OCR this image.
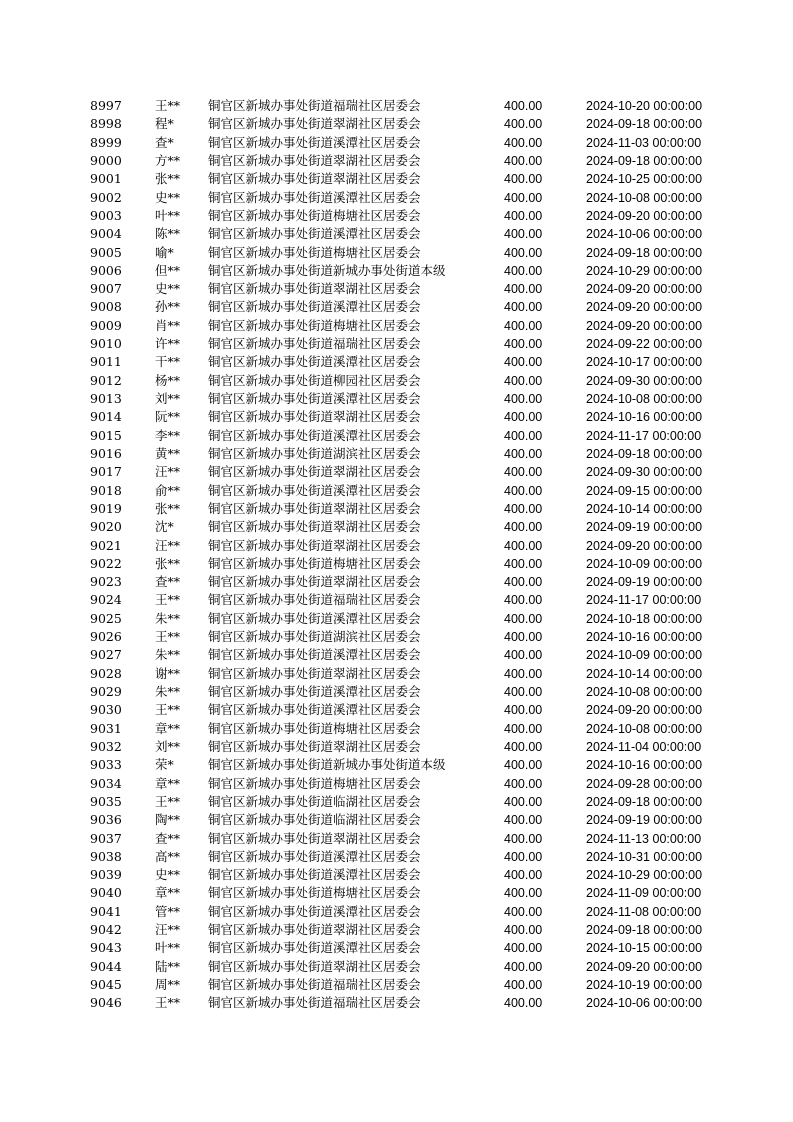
8997	王** 铜官区新城办事处街道福瑞社区居委会	400.00	2024-10-20 00:00:00
8998	程*	铜官区新城办事处街道翠湖社区居委会	400.00	2024-09-18 00:00:00
8999	查*	铜官区新城办事处街道溪潭社区居委会	400.00	2024-11-03 00:00:00
9000	方** 铜官区新城办事处街道翠湖社区居委会	400.00	2024-09-18 00:00:00
9001	张** 铜官区新城办事处街道翠湖社区居委会	400.00	2024-10-25 00:00:00
9002	史** 铜官区新城办事处街道溪潭社区居委会	400.00	2024-10-08 00:00:00
9003	叶** 铜官区新城办事处街道梅塘社区居委会	400.00	2024-09-20 00:00:00
9004	陈** 铜官区新城办事处街道溪潭社区居委会	400.00	2024-10-06 00:00:00
9005	喻*	铜官区新城办事处街道梅塘社区居委会	400.00	2024-09-18 00:00:00
9006	但** 铜官区新城办事处街道新城办事处街道本级	400.00	2024-10-29 00:00:00
9007	史** 铜官区新城办事处街道翠湖社区居委会	400.00	2024-09-20 00:00:00
9008	孙** 铜官区新城办事处街道溪潭社区居委会	400.00	2024-09-20 00:00:00
9009	肖** 铜官区新城办事处街道梅塘社区居委会	400.00	2024-09-20 00:00:00
9010	许** 铜官区新城办事处街道福瑞社区居委会	400.00	2024-09-22 00:00:00
9011	干** 铜官区新城办事处街道溪潭社区居委会	400.00	2024-10-17 00:00:00
9012	杨** 铜官区新城办事处街道柳园社区居委会	400.00	2024-09-30 00:00:00
9013	刘** 铜官区新城办事处街道溪潭社区居委会	400.00	2024-10-08 00:00:00
9014	阮** 铜官区新城办事处街道翠湖社区居委会	400.00	2024-10-16 00:00:00
9015	李** 铜官区新城办事处街道溪潭社区居委会	400.00	2024-11-17 00:00:00
9016	黄** 铜官区新城办事处街道湖滨社区居委会	400.00	2024-09-18 00:00:00
9017	汪** 铜官区新城办事处街道翠湖社区居委会	400.00	2024-09-30 00:00:00
9018	俞** 铜官区新城办事处街道溪潭社区居委会	400.00	2024-09-15 00:00:00
9019	张** 铜官区新城办事处街道翠湖社区居委会	400.00	2024-10-14 00:00:00
9020	沈*	铜官区新城办事处街道翠湖社区居委会	400.00	2024-09-19 00:00:00
9021	汪** 铜官区新城办事处街道翠湖社区居委会	400.00	2024-09-20 00:00:00
9022	张** 铜官区新城办事处街道梅塘社区居委会	400.00	2024-10-09 00:00:00
9023	查** 铜官区新城办事处街道翠湖社区居委会	400.00	2024-09-19 00:00:00
9024	王** 铜官区新城办事处街道福瑞社区居委会	400.00	2024-11-17 00:00:00
9025	朱** 铜官区新城办事处街道溪潭社区居委会	400.00	2024-10-18 00:00:00
9026	王** 铜官区新城办事处街道湖滨社区居委会	400.00	2024-10-16 00:00:00
9027	朱** 铜官区新城办事处街道溪潭社区居委会	400.00	2024-10-09 00:00:00
9028	谢** 铜官区新城办事处街道翠湖社区居委会	400.00	2024-10-14 00:00:00
9029	朱** 铜官区新城办事处街道溪潭社区居委会	400.00	2024-10-08 00:00:00
9030	王** 铜官区新城办事处街道溪潭社区居委会	400.00	2024-09-20 00:00:00
9031	章** 铜官区新城办事处街道梅塘社区居委会	400.00	2024-10-08 00:00:00
9032	刘** 铜官区新城办事处街道翠湖社区居委会	400.00	2024-11-04 00:00:00
9033	荣*	铜官区新城办事处街道新城办事处街道本级	400.00	2024-10-16 00:00:00
9034	章** 铜官区新城办事处街道梅塘社区居委会	400.00	2024-09-28 00:00:00
9035	王** 铜官区新城办事处街道临湖社区居委会	400.00	2024-09-18 00:00:00
9036	陶** 铜官区新城办事处街道临湖社区居委会	400.00	2024-09-19 00:00:00
9037	查** 铜官区新城办事处街道翠湖社区居委会	400.00	2024-11-13 00:00:00
9038	高** 铜官区新城办事处街道溪潭社区居委会	400.00	2024-10-31 00:00:00
9039	史** 铜官区新城办事处街道溪潭社区居委会	400.00	2024-10-29 00:00:00
9040	章** 铜官区新城办事处街道梅塘社区居委会	400.00	2024-11-09 00:00:00
9041	管** 铜官区新城办事处街道溪潭社区居委会	400.00	2024-11-08 00:00:00
9042	汪** 铜官区新城办事处街道翠湖社区居委会	400.00	2024-09-18 00:00:00
9043	叶** 铜官区新城办事处街道溪潭社区居委会	400.00	2024-10-15 00:00:00
9044	陆** 铜官区新城办事处街道翠湖社区居委会	400.00	2024-09-20 00:00:00
9045	周** 铜官区新城办事处街道福瑞社区居委会	400.00	2024-10-19 00:00:00
9046	王** 铜官区新城办事处街道福瑞社区居委会	400.00	2024-10-06 00:00:00
